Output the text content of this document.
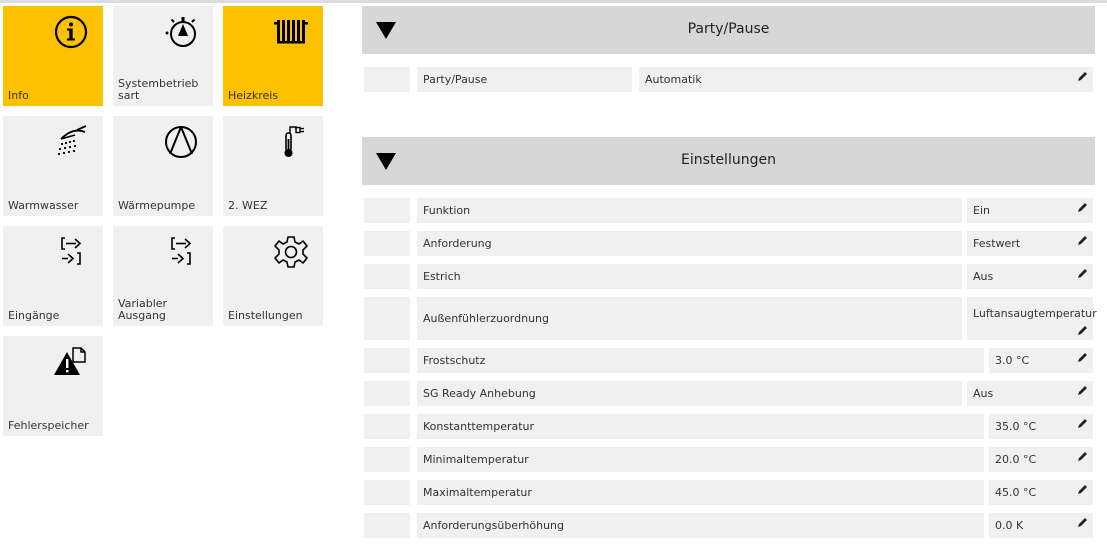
Info
Systembetrieb sart	Heizkreis
Warmwasser	Wärmepumpe	2. WEZ
Eingänge
Variabler Ausgang	Einstellungen
Fehlerspeicher
Party/Pause
Party/Pause	Automatik
Einstellungen
Funktion	Ein
Anforderung	Festwert
Estrich	Aus
Außenfühlerzuordnung	Luftansaugtemperatur
Frostschutz	3.0 °C
SG Ready Anhebung	Aus
Konstanttemperatur	35.0 °C
Minimaltemperatur	20.0 °C
Maximaltemperatur	45.0 °C
Anforderungsüberhöhung	0.0 K
